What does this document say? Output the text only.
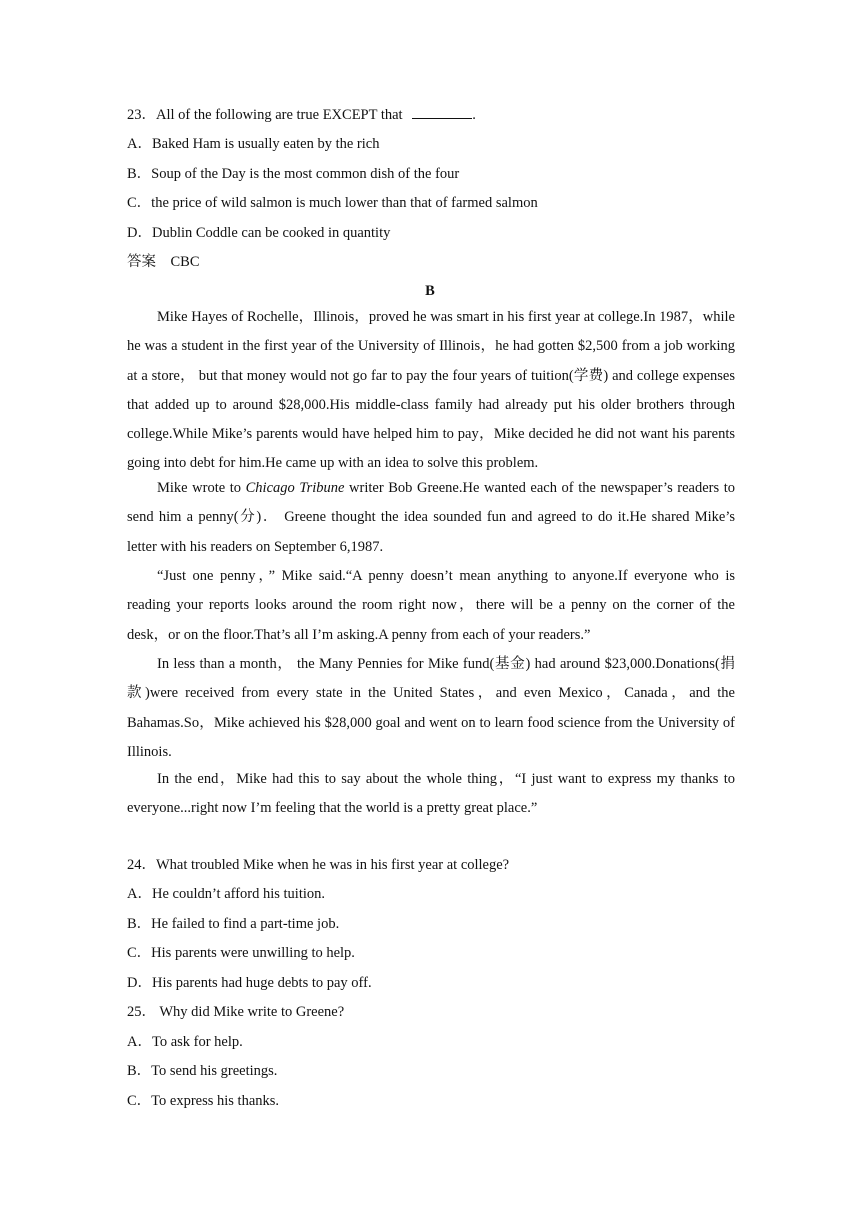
23．All of the following are true EXCEPT that	.
A．Baked Ham is usually eaten by the rich
B．Soup of the Day is the most common dish of the four
C．the price of wild salmon is much lower than that of farmed salmon
D．Dublin Coddle can be cooked in quantity
答案　CBC
B
Mike Hayes of Rochelle，Illinois，proved he was smart in his first year at college.In 1987，while he was a student in the first year of the University of Illinois，he had gotten $2,500 from a job working at a store， but that money would not go far to pay the four years of tuition(学费) and college expenses that added up to around $28,000.His middle-class family had already put his older brothers through college.While Mike’s parents would have helped him to pay，Mike decided he did not want his parents going into debt for him.He came up with an idea to solve this problem.
Mike wrote to Chicago Tribune writer Bob Greene.He wanted each of the newspaper’s readers to send him a penny(分)． Greene thought the idea sounded fun and agreed to do it.He shared Mike’s letter with his readers on September 6,1987.
“Just one penny，” Mike said.“A penny doesn’t mean anything to anyone.If everyone who is reading your reports looks around the room right now，there will be a penny on the corner of the desk，or on the floor.That’s all I’m asking.A penny from each of your readers.”
In less than a month， the Many Pennies for Mike fund(基金) had around $23,000.Donations(捐款)were received from every state in the United States，and even Mexico，Canada，and the Bahamas.So，Mike achieved his $28,000 goal and went on to learn food science from the University of Illinois.
In the end，Mike had this to say about the whole thing，“I just want to express my thanks to everyone...right now I’m feeling that the world is a pretty great place.”
24．What troubled Mike when he was in his first year at college?
A．He couldn’t afford his tuition.
B．He failed to find a part-time job.
C．His parents were unwilling to help.
D．His parents had huge debts to pay off.
25． Why did Mike write to Greene?
A．To ask for help.
B．To send his greetings.
C．To express his thanks.
